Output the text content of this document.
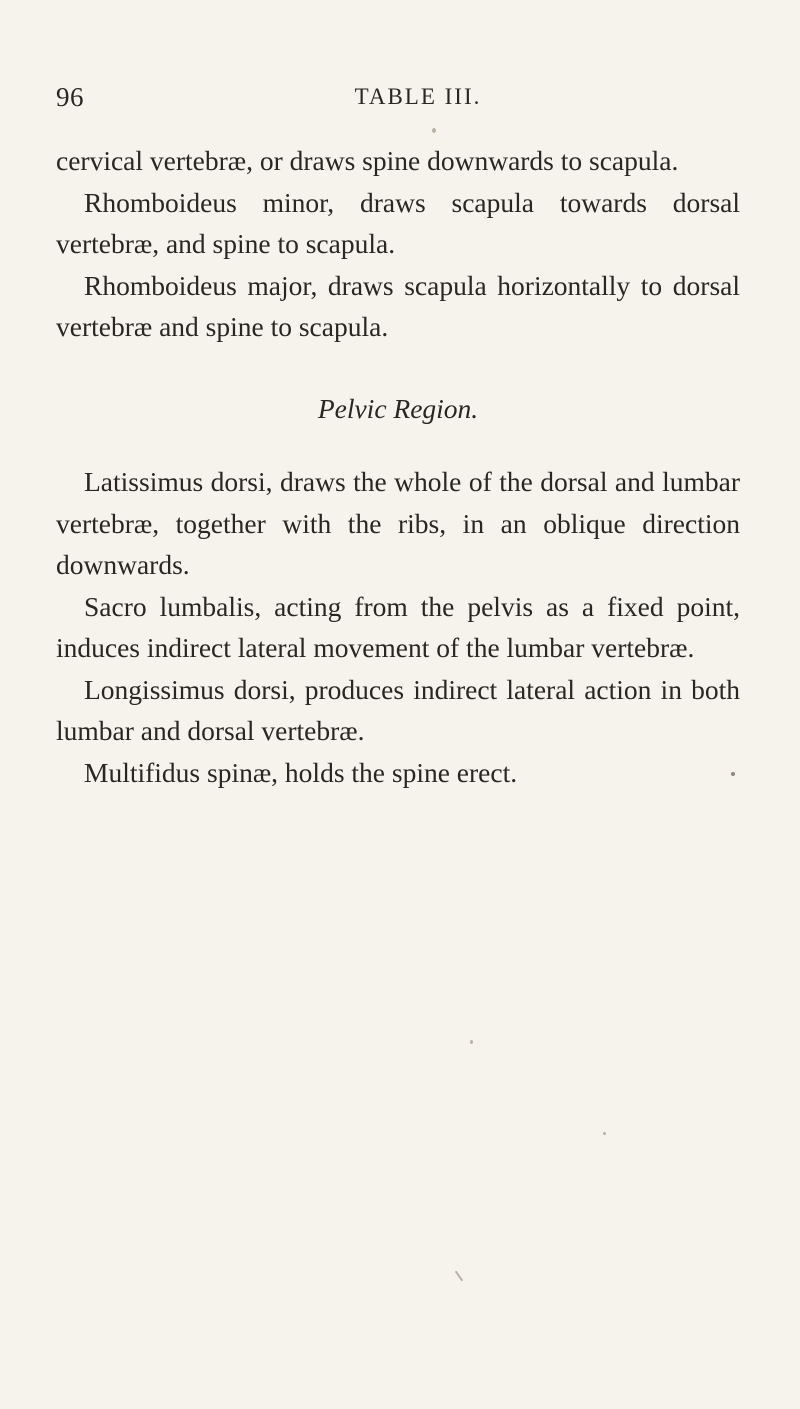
96	TABLE III.

cervical vertebræ, or draws spine downwards to scapula.

Rhomboideus minor, draws scapula towards dorsal vertebræ, and spine to scapula.

Rhomboideus major, draws scapula horizontally to dorsal vertebræ and spine to scapula.

Pelvic Region.

Latissimus dorsi, draws the whole of the dorsal and lumbar vertebræ, together with the ribs, in an oblique direction downwards.

Sacro lumbalis, acting from the pelvis as a fixed point, induces indirect lateral movement of the lumbar vertebræ.

Longissimus dorsi, produces indirect lateral action in both lumbar and dorsal vertebræ.

Multifidus spinæ, holds the spine erect.
